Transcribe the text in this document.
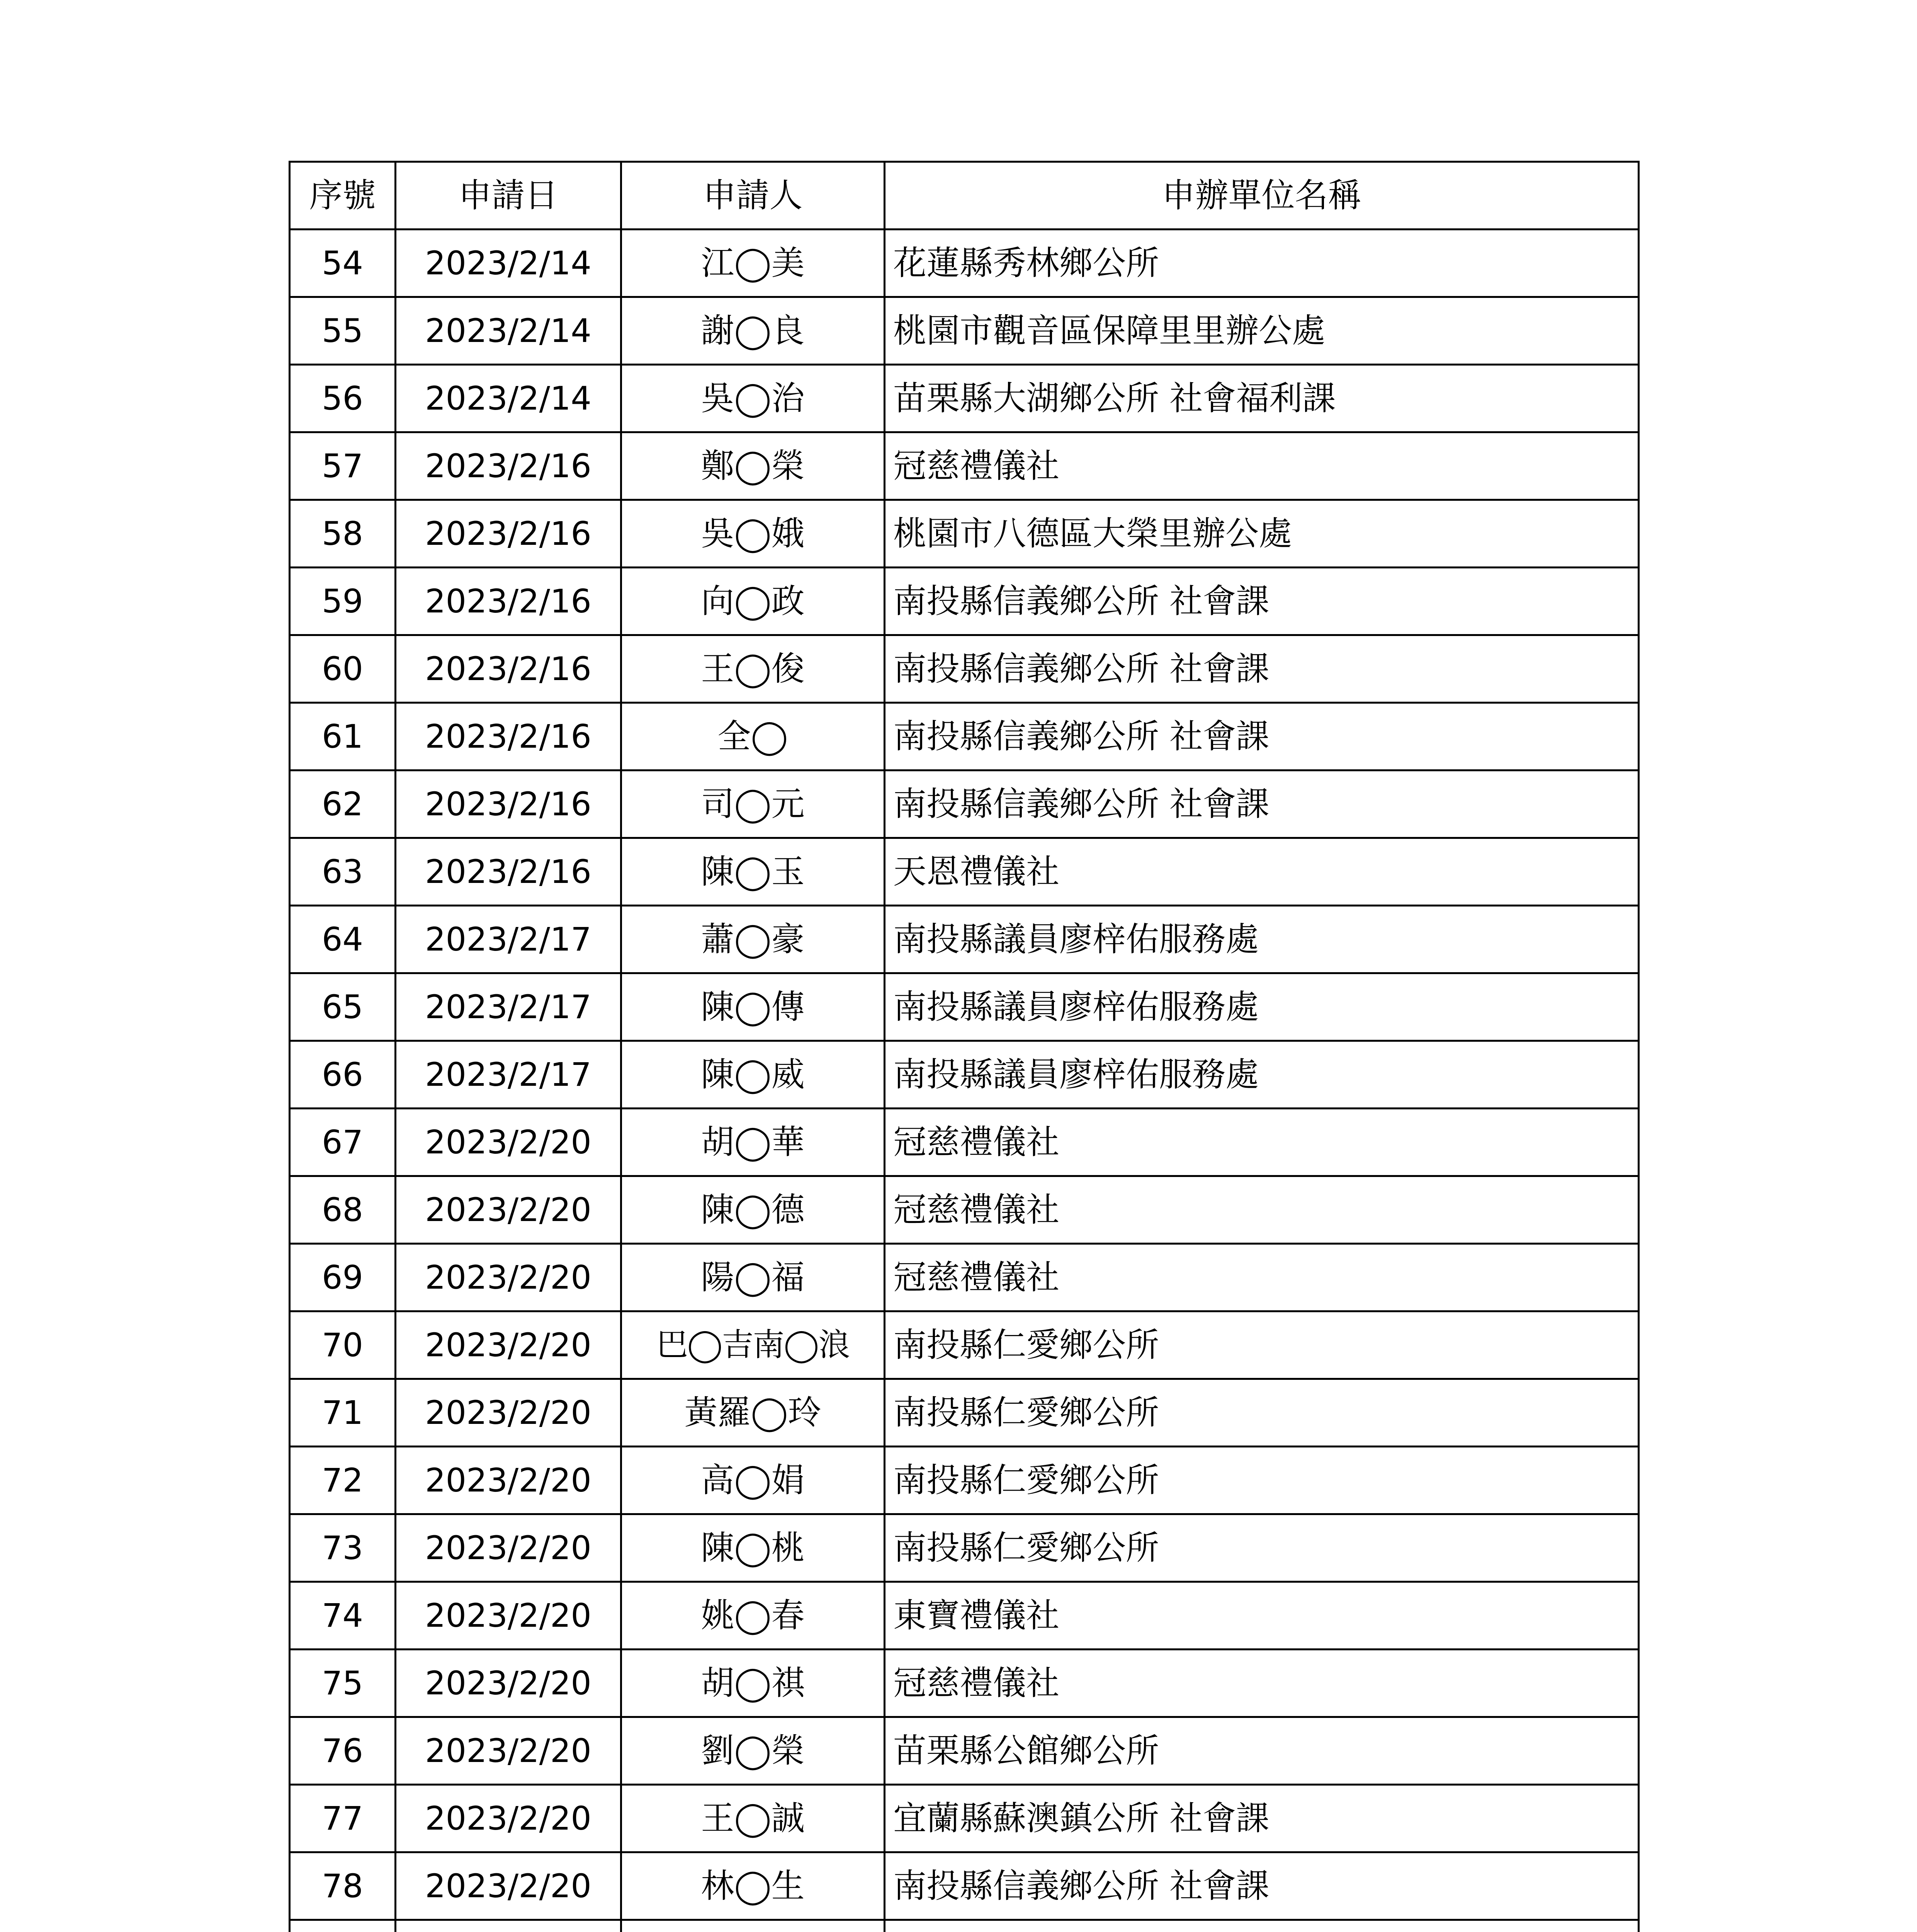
序號	申請日	申請人	申辦單位名稱
54	2023/2/14	江◯美	花蓮縣秀林鄉公所
55	2023/2/14	謝◯良	桃園市觀音區保障里里辦公處
56	2023/2/14	吳◯治	苗栗縣大湖鄉公所 社會福利課
57	2023/2/16	鄭◯榮	冠慈禮儀社
58	2023/2/16	吳◯娥	桃園市八德區大榮里辦公處
59	2023/2/16	向◯政	南投縣信義鄉公所 社會課
60	2023/2/16	王◯俊	南投縣信義鄉公所 社會課
61	2023/2/16	全◯	南投縣信義鄉公所 社會課
62	2023/2/16	司◯元	南投縣信義鄉公所 社會課
63	2023/2/16	陳◯玉	天恩禮儀社
64	2023/2/17	蕭◯豪	南投縣議員廖梓佑服務處
65	2023/2/17	陳◯傳	南投縣議員廖梓佑服務處
66	2023/2/17	陳◯威	南投縣議員廖梓佑服務處
67	2023/2/20	胡◯華	冠慈禮儀社
68	2023/2/20	陳◯德	冠慈禮儀社
69	2023/2/20	陽◯福	冠慈禮儀社
70	2023/2/20	巴◯吉南◯浪	南投縣仁愛鄉公所
71	2023/2/20	黃羅◯玲	南投縣仁愛鄉公所
72	2023/2/20	高◯娟	南投縣仁愛鄉公所
73	2023/2/20	陳◯桃	南投縣仁愛鄉公所
74	2023/2/20	姚◯春	東寶禮儀社
75	2023/2/20	胡◯祺	冠慈禮儀社
76	2023/2/20	劉◯榮	苗栗縣公館鄉公所
77	2023/2/20	王◯誠	宜蘭縣蘇澳鎮公所 社會課
78	2023/2/20	林◯生	南投縣信義鄉公所 社會課
